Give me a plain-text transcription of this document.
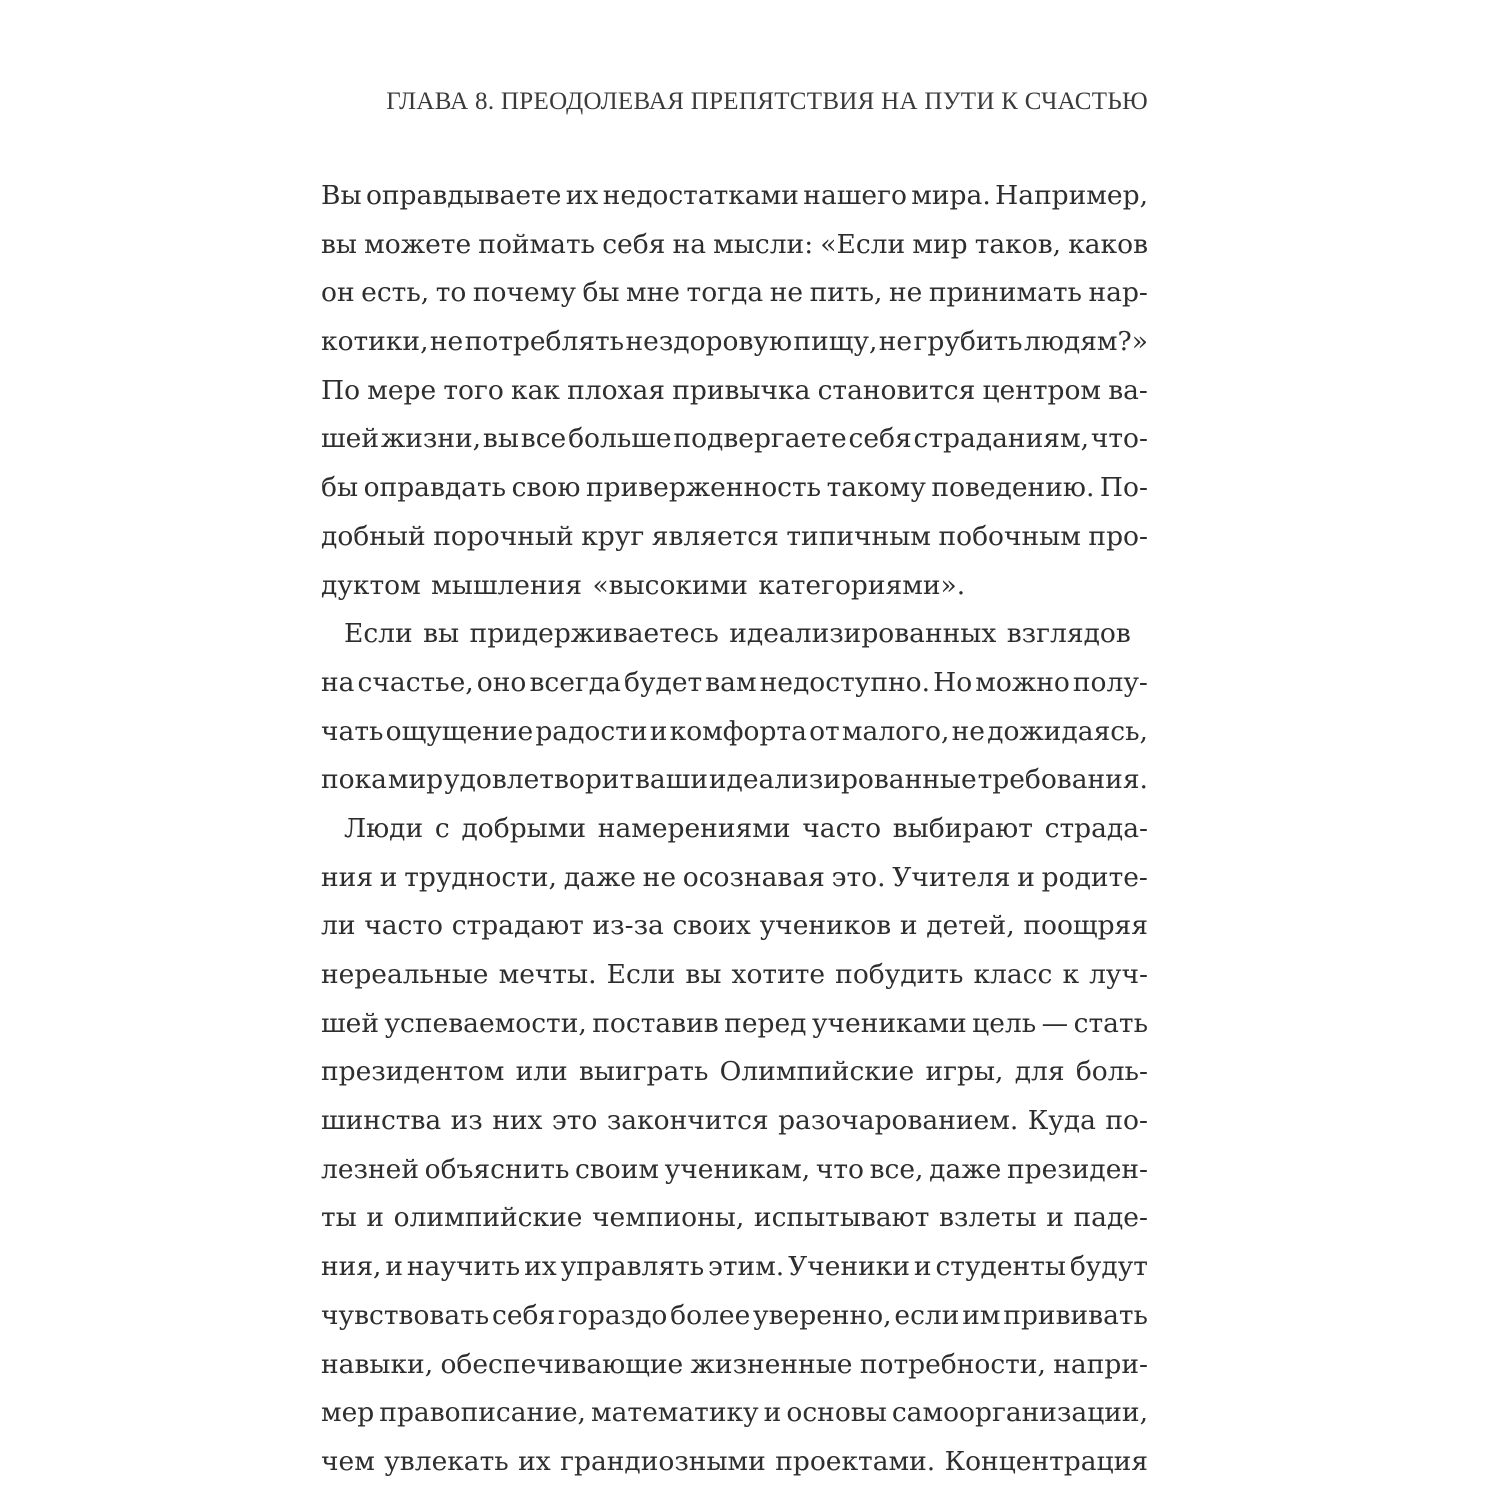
ГЛАВА 8. ПРЕОДОЛЕВАЯ ПРЕПЯТСТВИЯ НА ПУТИ К СЧАСТЬЮ
Вы оправдываете их недостатками нашего мира. Например,
вы можете поймать себя на мысли: «Если мир таков, каков
он есть, то почему бы мне тогда не пить, не принимать нар-
котики, не потреблять нездоровую пищу, не грубить людям?»
По мере того как плохая привычка становится центром ва-
шей жизни, вы все больше подвергаете себя страданиям, что-
бы оправдать свою приверженность такому поведению. По-
добный порочный круг является типичным побочным про-
дуктом мышления «высокими категориями».
Если вы придерживаетесь идеализированных взглядов
на счастье, оно всегда будет вам недоступно. Но можно полу-
чать ощущение радости и комфорта от малого, не дожидаясь,
пока мир удовлетворит ваши идеализированные требования.
Люди с добрыми намерениями часто выбирают страда-
ния и трудности, даже не осознавая это. Учителя и родите-
ли часто страдают из-за своих учеников и детей, поощряя
нереальные мечты. Если вы хотите побудить класс к луч-
шей успеваемости, поставив перед учениками цель — стать
президентом или выиграть Олимпийские игры, для боль-
шинства из них это закончится разочарованием. Куда по-
лезней объяснить своим ученикам, что все, даже президен-
ты и олимпийские чемпионы, испытывают взлеты и паде-
ния, и научить их управлять этим. Ученики и студенты будут
чувствовать себя гораздо более уверенно, если им прививать
навыки, обеспечивающие жизненные потребности, напри-
мер правописание, математику и основы самоорганизации,
чем увлекать их грандиозными проектами. Концентрация
